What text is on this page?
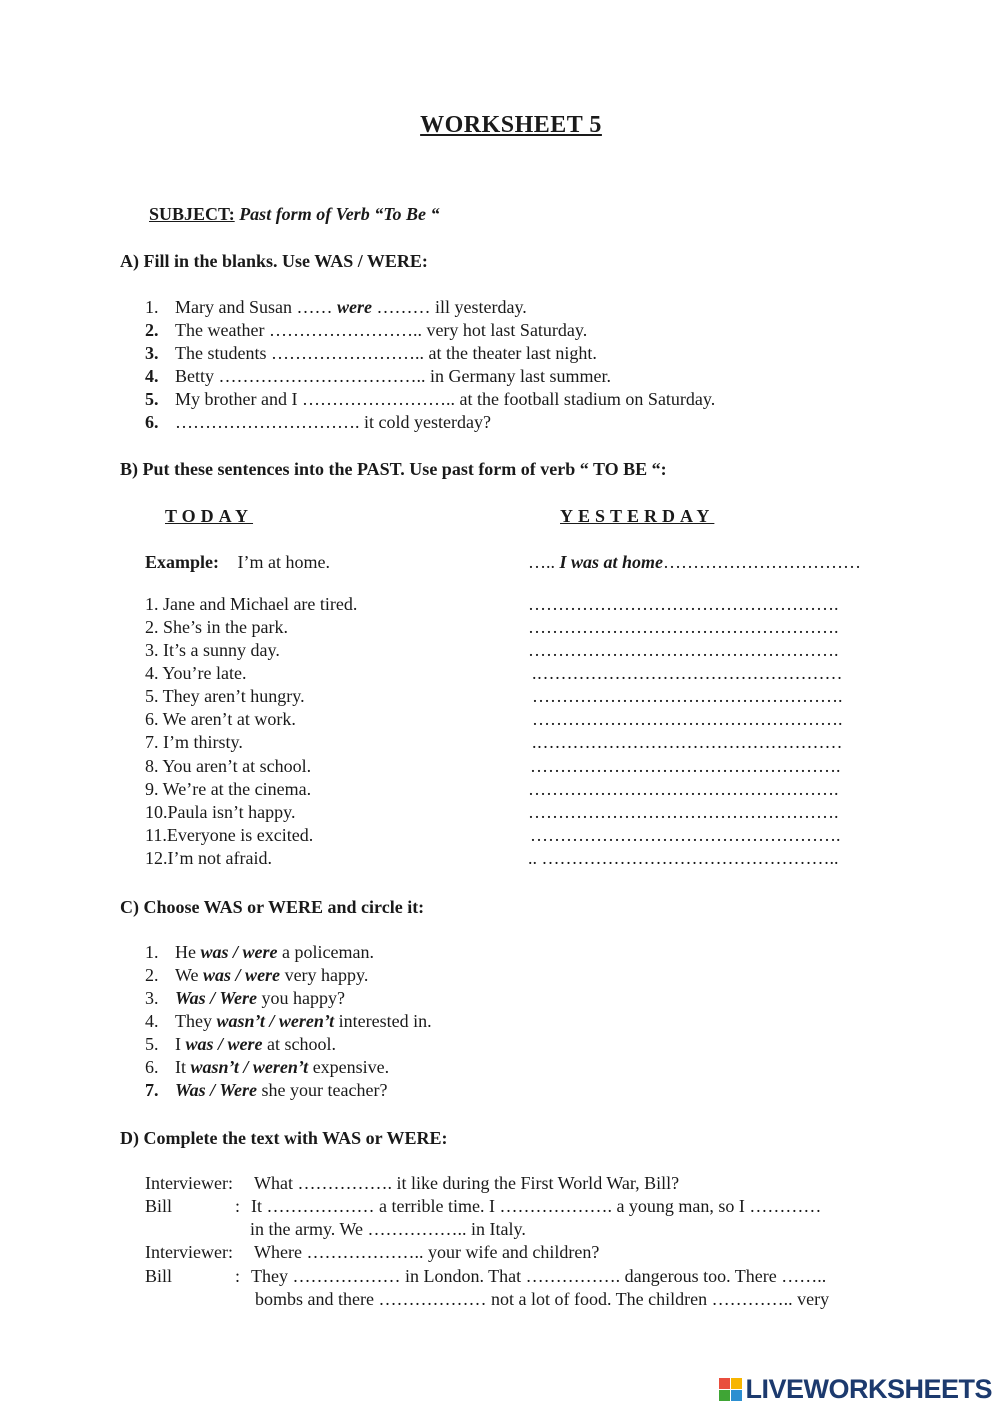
WORKSHEET 5
SUBJECT: Past form of Verb “To Be “
A) Fill in the blanks. Use WAS / WERE:
1. Mary and Susan …… were ……… ill yesterday.
2. The weather …………………….. very hot last Saturday.
3. The students …………………….. at the theater last night.
4. Betty …………………………….. in Germany last summer.
5. My brother and I …………………….. at the football stadium on Saturday.
6. …………………………. it cold yesterday?
B) Put these sentences into the PAST. Use past form of verb “ TO BE “:
TODAY	YESTERDAY
Example: I’m at home.	….. I was at home……………………………
1. Jane and Michael are tired.	…………………………………………….
2. She’s in the park.	…………………………………………….
3. It’s a sunny day.	…………………………………………….
4. You’re late.	.……………………………………………
5. They aren’t hungry.	…………………………………………….
6. We aren’t at work.	…………………………………………….
7. I’m thirsty.	.……………………………………………
8. You aren’t at school.	…………………………………………….
9. We’re at the cinema.	…………………………………………….
10.Paula isn’t happy.	…………………………………………….
11.Everyone is excited.	…………………………………………….
12.I’m not afraid.	.. …………………………………………..
C) Choose WAS or WERE and circle it:
1. He was / were a policeman.
2. We was / were very happy.
3. Was / Were you happy?
4. They wasn’t / weren’t interested in.
5. I was / were at school.
6. It wasn’t / weren’t expensive.
7. Was / Were she your teacher?
D) Complete the text with WAS or WERE:
Interviewer: What ……………. it like during the First World War, Bill?
Bill	: It ……………… a terrible time. I ………………. a young man, so I …………
in the army. We …………….. in Italy.
Interviewer: Where ……………….. your wife and children?
Bill	: They ……………… in London. That ……………. dangerous too. There ……..
bombs and there ……………… not a lot of food. The children ………….. very
LIVEWORKSHEETS
